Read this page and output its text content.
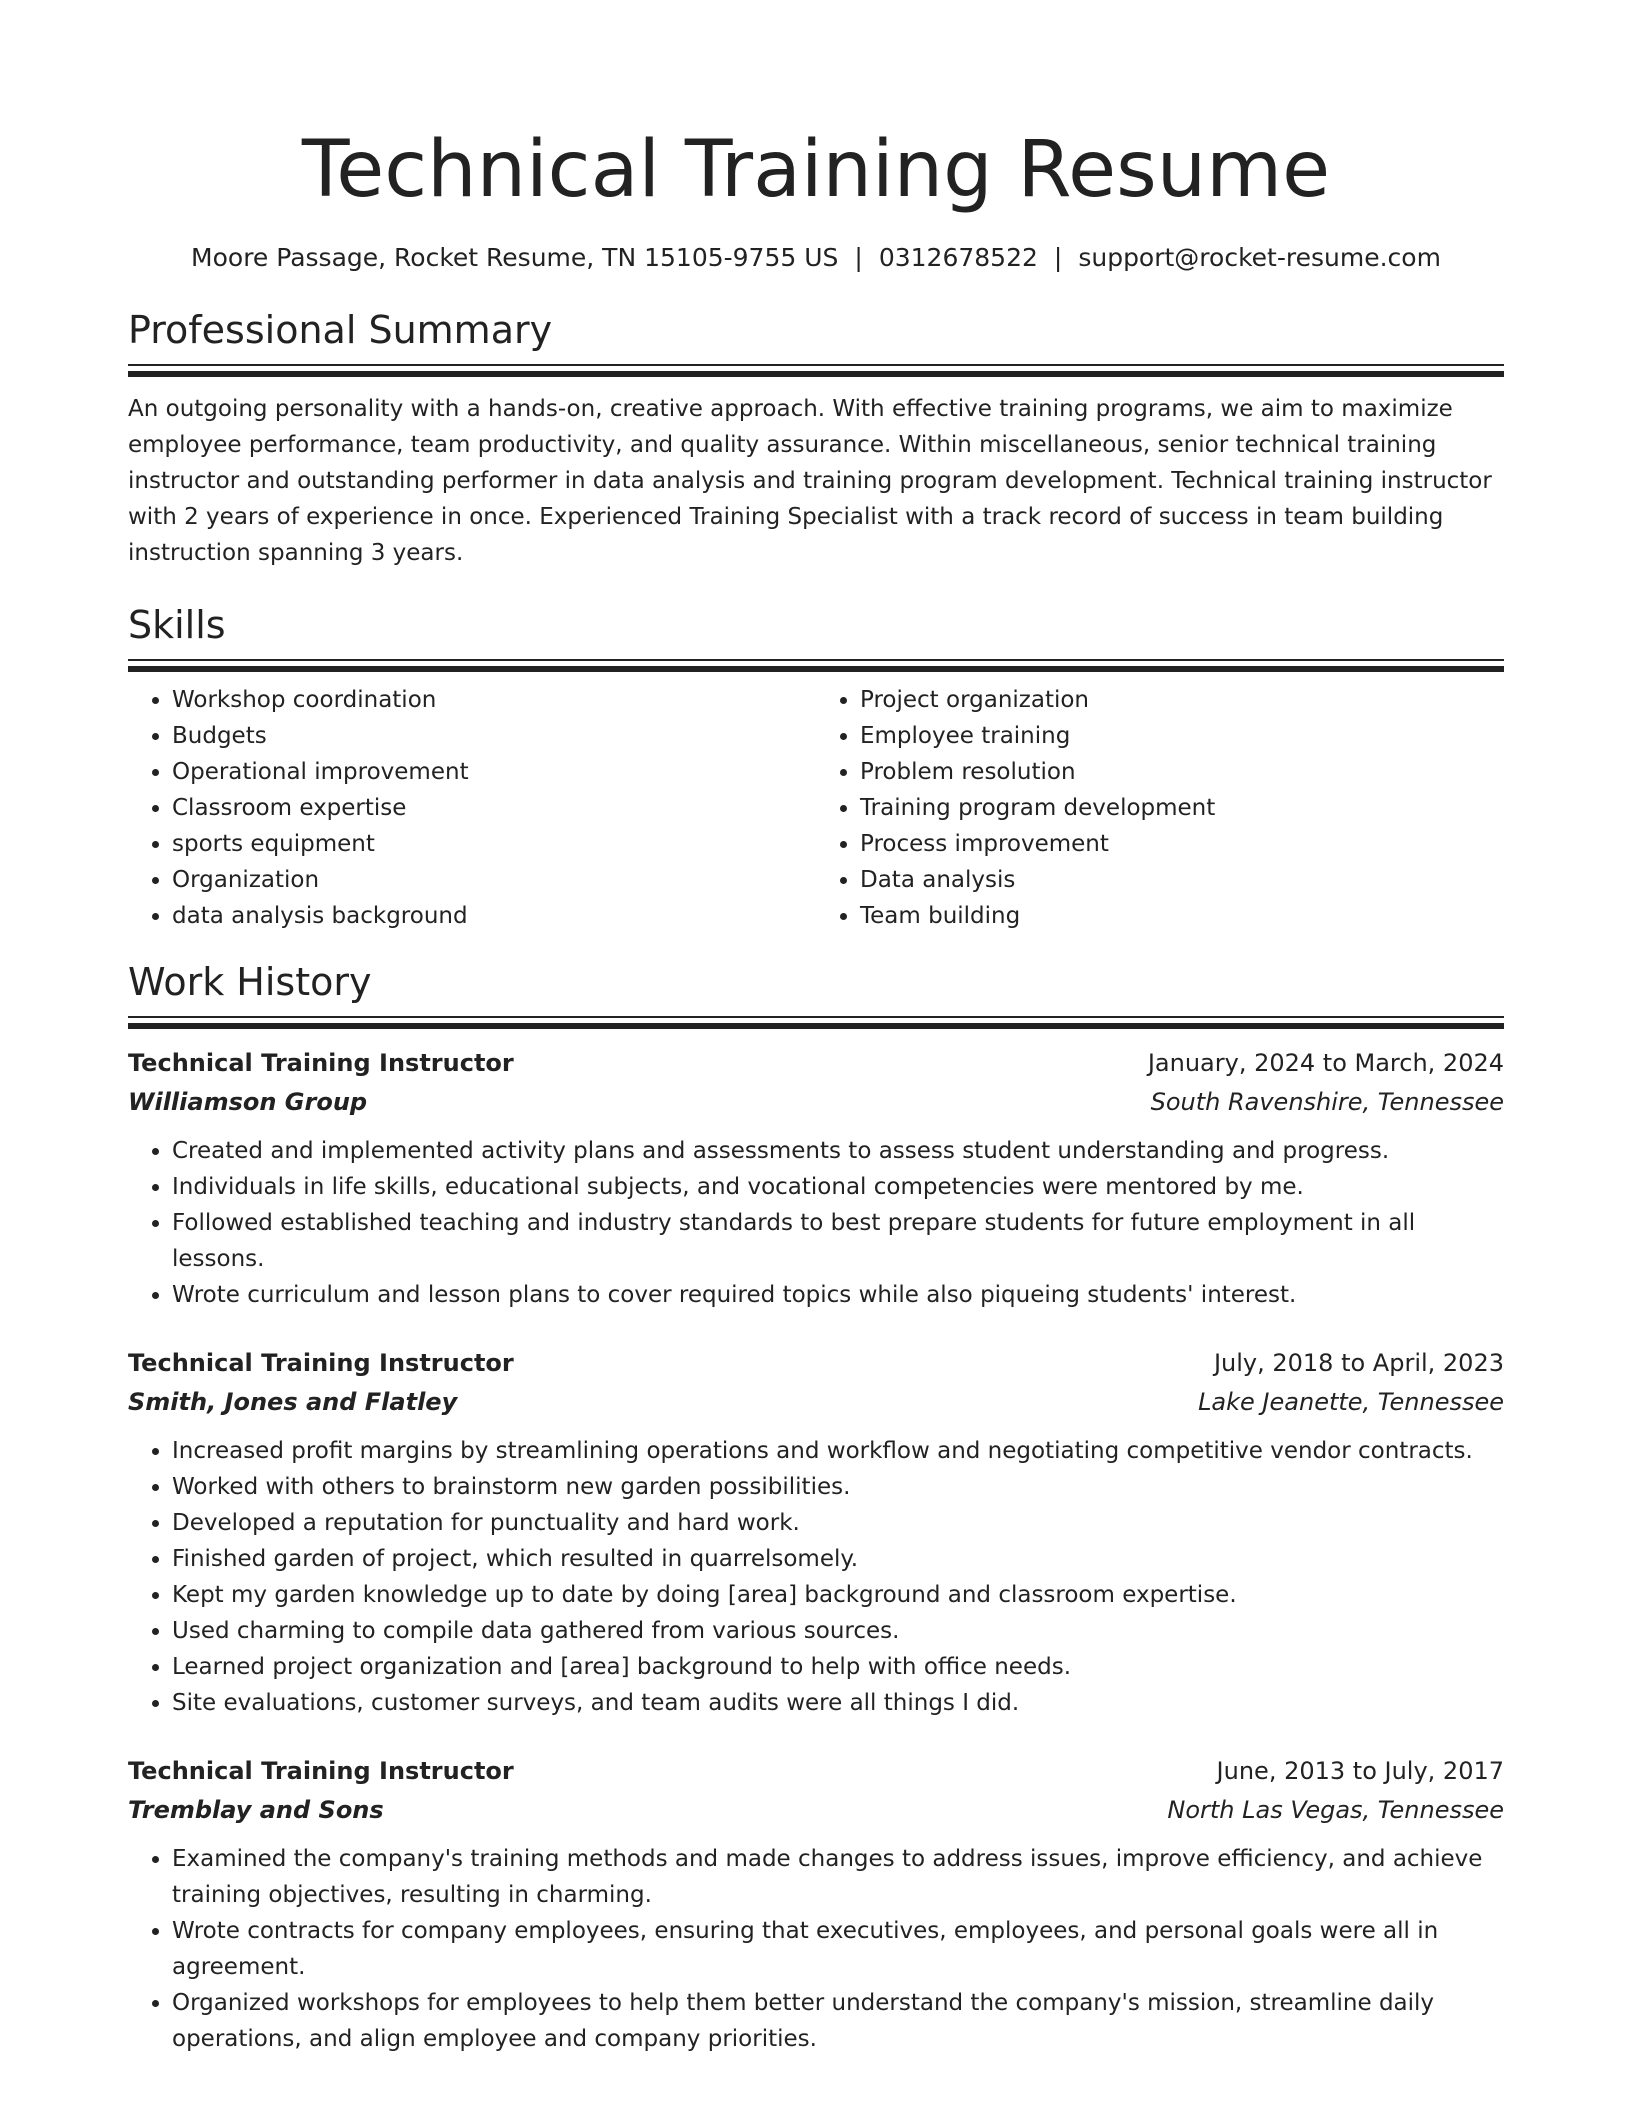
Technical Training Resume
Moore Passage, Rocket Resume, TN 15105-9755 US | 0312678522 | support@rocket-resume.com
Professional Summary

An outgoing personality with a hands-on, creative approach. With effective training programs, we aim to maximize employee performance, team productivity, and quality assurance. Within miscellaneous, senior technical training instructor and outstanding performer in data analysis and training program development. Technical training instructor with 2 years of experience in once. Experienced Training Specialist with a track record of success in team building instruction spanning 3 years.

Skills
• Workshop coordination
• Budgets
• Operational improvement
• Classroom expertise
• sports equipment
• Organization
• data analysis background
• Project organization
• Employee training
• Problem resolution
• Training program development
• Process improvement
• Data analysis
• Team building
Work History
Technical Training Instructor	January, 2024 to March, 2024
Williamson Group	South Ravenshire, Tennessee
• Created and implemented activity plans and assessments to assess student understanding and progress.
• Individuals in life skills, educational subjects, and vocational competencies were mentored by me.
• Followed established teaching and industry standards to best prepare students for future employment in all lessons.
• Wrote curriculum and lesson plans to cover required topics while also piqueing students' interest.
Technical Training Instructor	July, 2018 to April, 2023
Smith, Jones and Flatley	Lake Jeanette, Tennessee
• Increased profit margins by streamlining operations and workflow and negotiating competitive vendor contracts.
• Worked with others to brainstorm new garden possibilities.
• Developed a reputation for punctuality and hard work.
• Finished garden of project, which resulted in quarrelsomely.
• Kept my garden knowledge up to date by doing [area] background and classroom expertise.
• Used charming to compile data gathered from various sources.
• Learned project organization and [area] background to help with office needs.
• Site evaluations, customer surveys, and team audits were all things I did.
Technical Training Instructor	June, 2013 to July, 2017
Tremblay and Sons	North Las Vegas, Tennessee
• Examined the company's training methods and made changes to address issues, improve efficiency, and achieve training objectives, resulting in charming.
• Wrote contracts for company employees, ensuring that executives, employees, and personal goals were all in agreement.
• Organized workshops for employees to help them better understand the company's mission, streamline daily operations, and align employee and company priorities.
